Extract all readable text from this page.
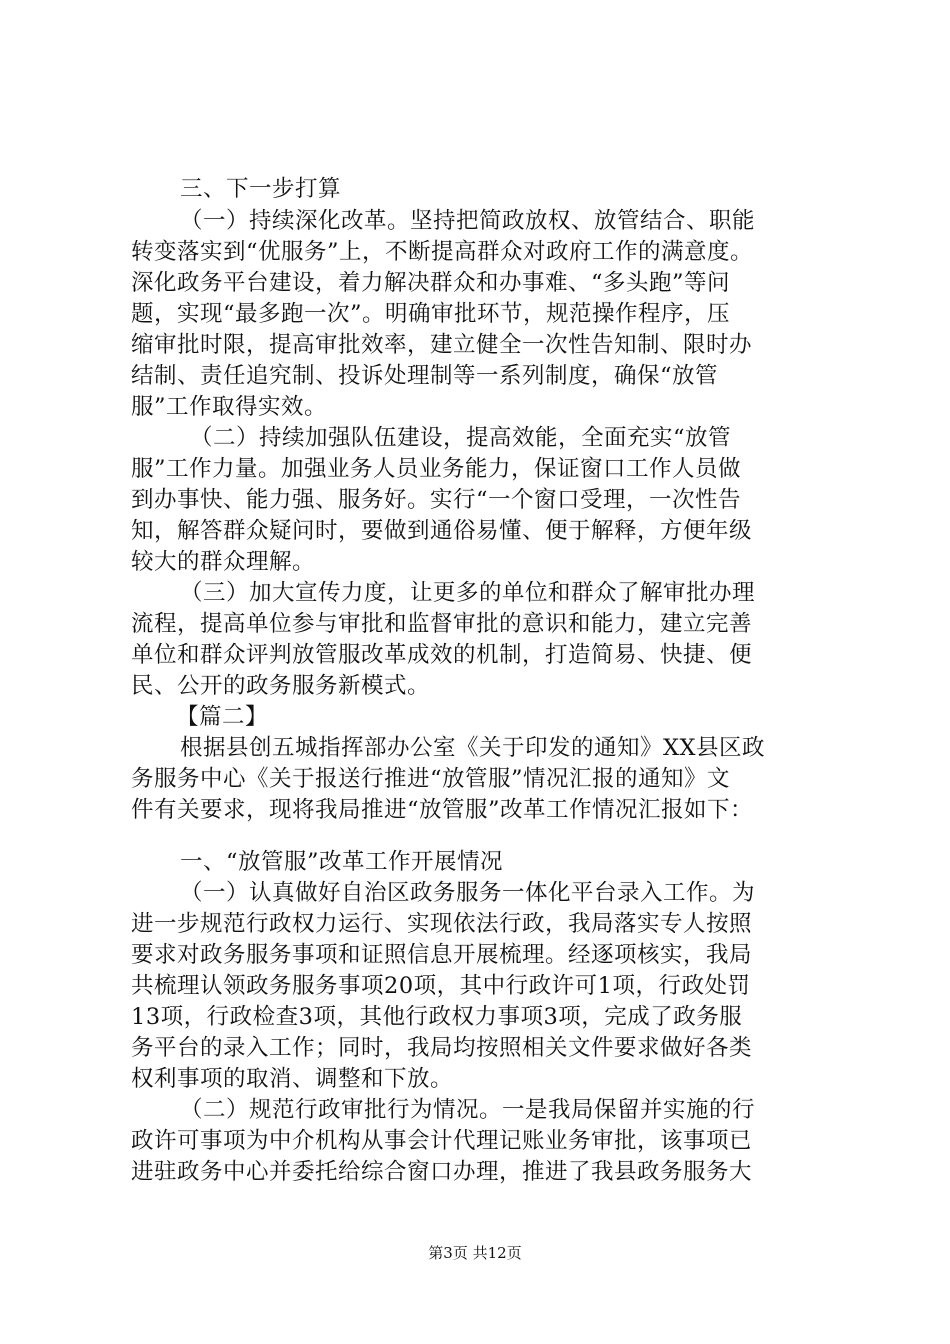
三、下一步打算
（一）持续深化改革。坚持把简政放权、放管结合、职能
转变落实到“优服务”上，不断提高群众对政府工作的满意度。
深化政务平台建设，着力解决群众和办事难、“多头跑”等问
题，实现“最多跑一次”。明确审批环节，规范操作程序，压
缩审批时限，提高审批效率，建立健全一次性告知制、限时办
结制、责任追究制、投诉处理制等一系列制度，确保“放管
服”工作取得实效。
（二）持续加强队伍建设，提高效能，全面充实“放管
服”工作力量。加强业务人员业务能力，保证窗口工作人员做
到办事快、能力强、服务好。实行“一个窗口受理，一次性告
知，解答群众疑问时，要做到通俗易懂、便于解释，方便年级
较大的群众理解。
（三）加大宣传力度，让更多的单位和群众了解审批办理
流程，提高单位参与审批和监督审批的意识和能力，建立完善
单位和群众评判放管服改革成效的机制，打造简易、快捷、便
民、公开的政务服务新模式。
【篇二】
根据县创五城指挥部办公室《关于印发的通知》XX县区政
务服务中心《关于报送行推进“放管服”情况汇报的通知》文
件有关要求，现将我局推进“放管服”改革工作情况汇报如下：
一、“放管服”改革工作开展情况
（一）认真做好自治区政务服务一体化平台录入工作。为
进一步规范行政权力运行、实现依法行政，我局落实专人按照
要求对政务服务事项和证照信息开展梳理。经逐项核实，我局
共梳理认领政务服务事项20项，其中行政许可1项，行政处罚
13项，行政检查3项，其他行政权力事项3项，完成了政务服
务平台的录入工作；同时，我局均按照相关文件要求做好各类
权利事项的取消、调整和下放。
（二）规范行政审批行为情况。一是我局保留并实施的行
政许可事项为中介机构从事会计代理记账业务审批，该事项已
进驻政务中心并委托给综合窗口办理，推进了我县政务服务大
第3页 共12页
